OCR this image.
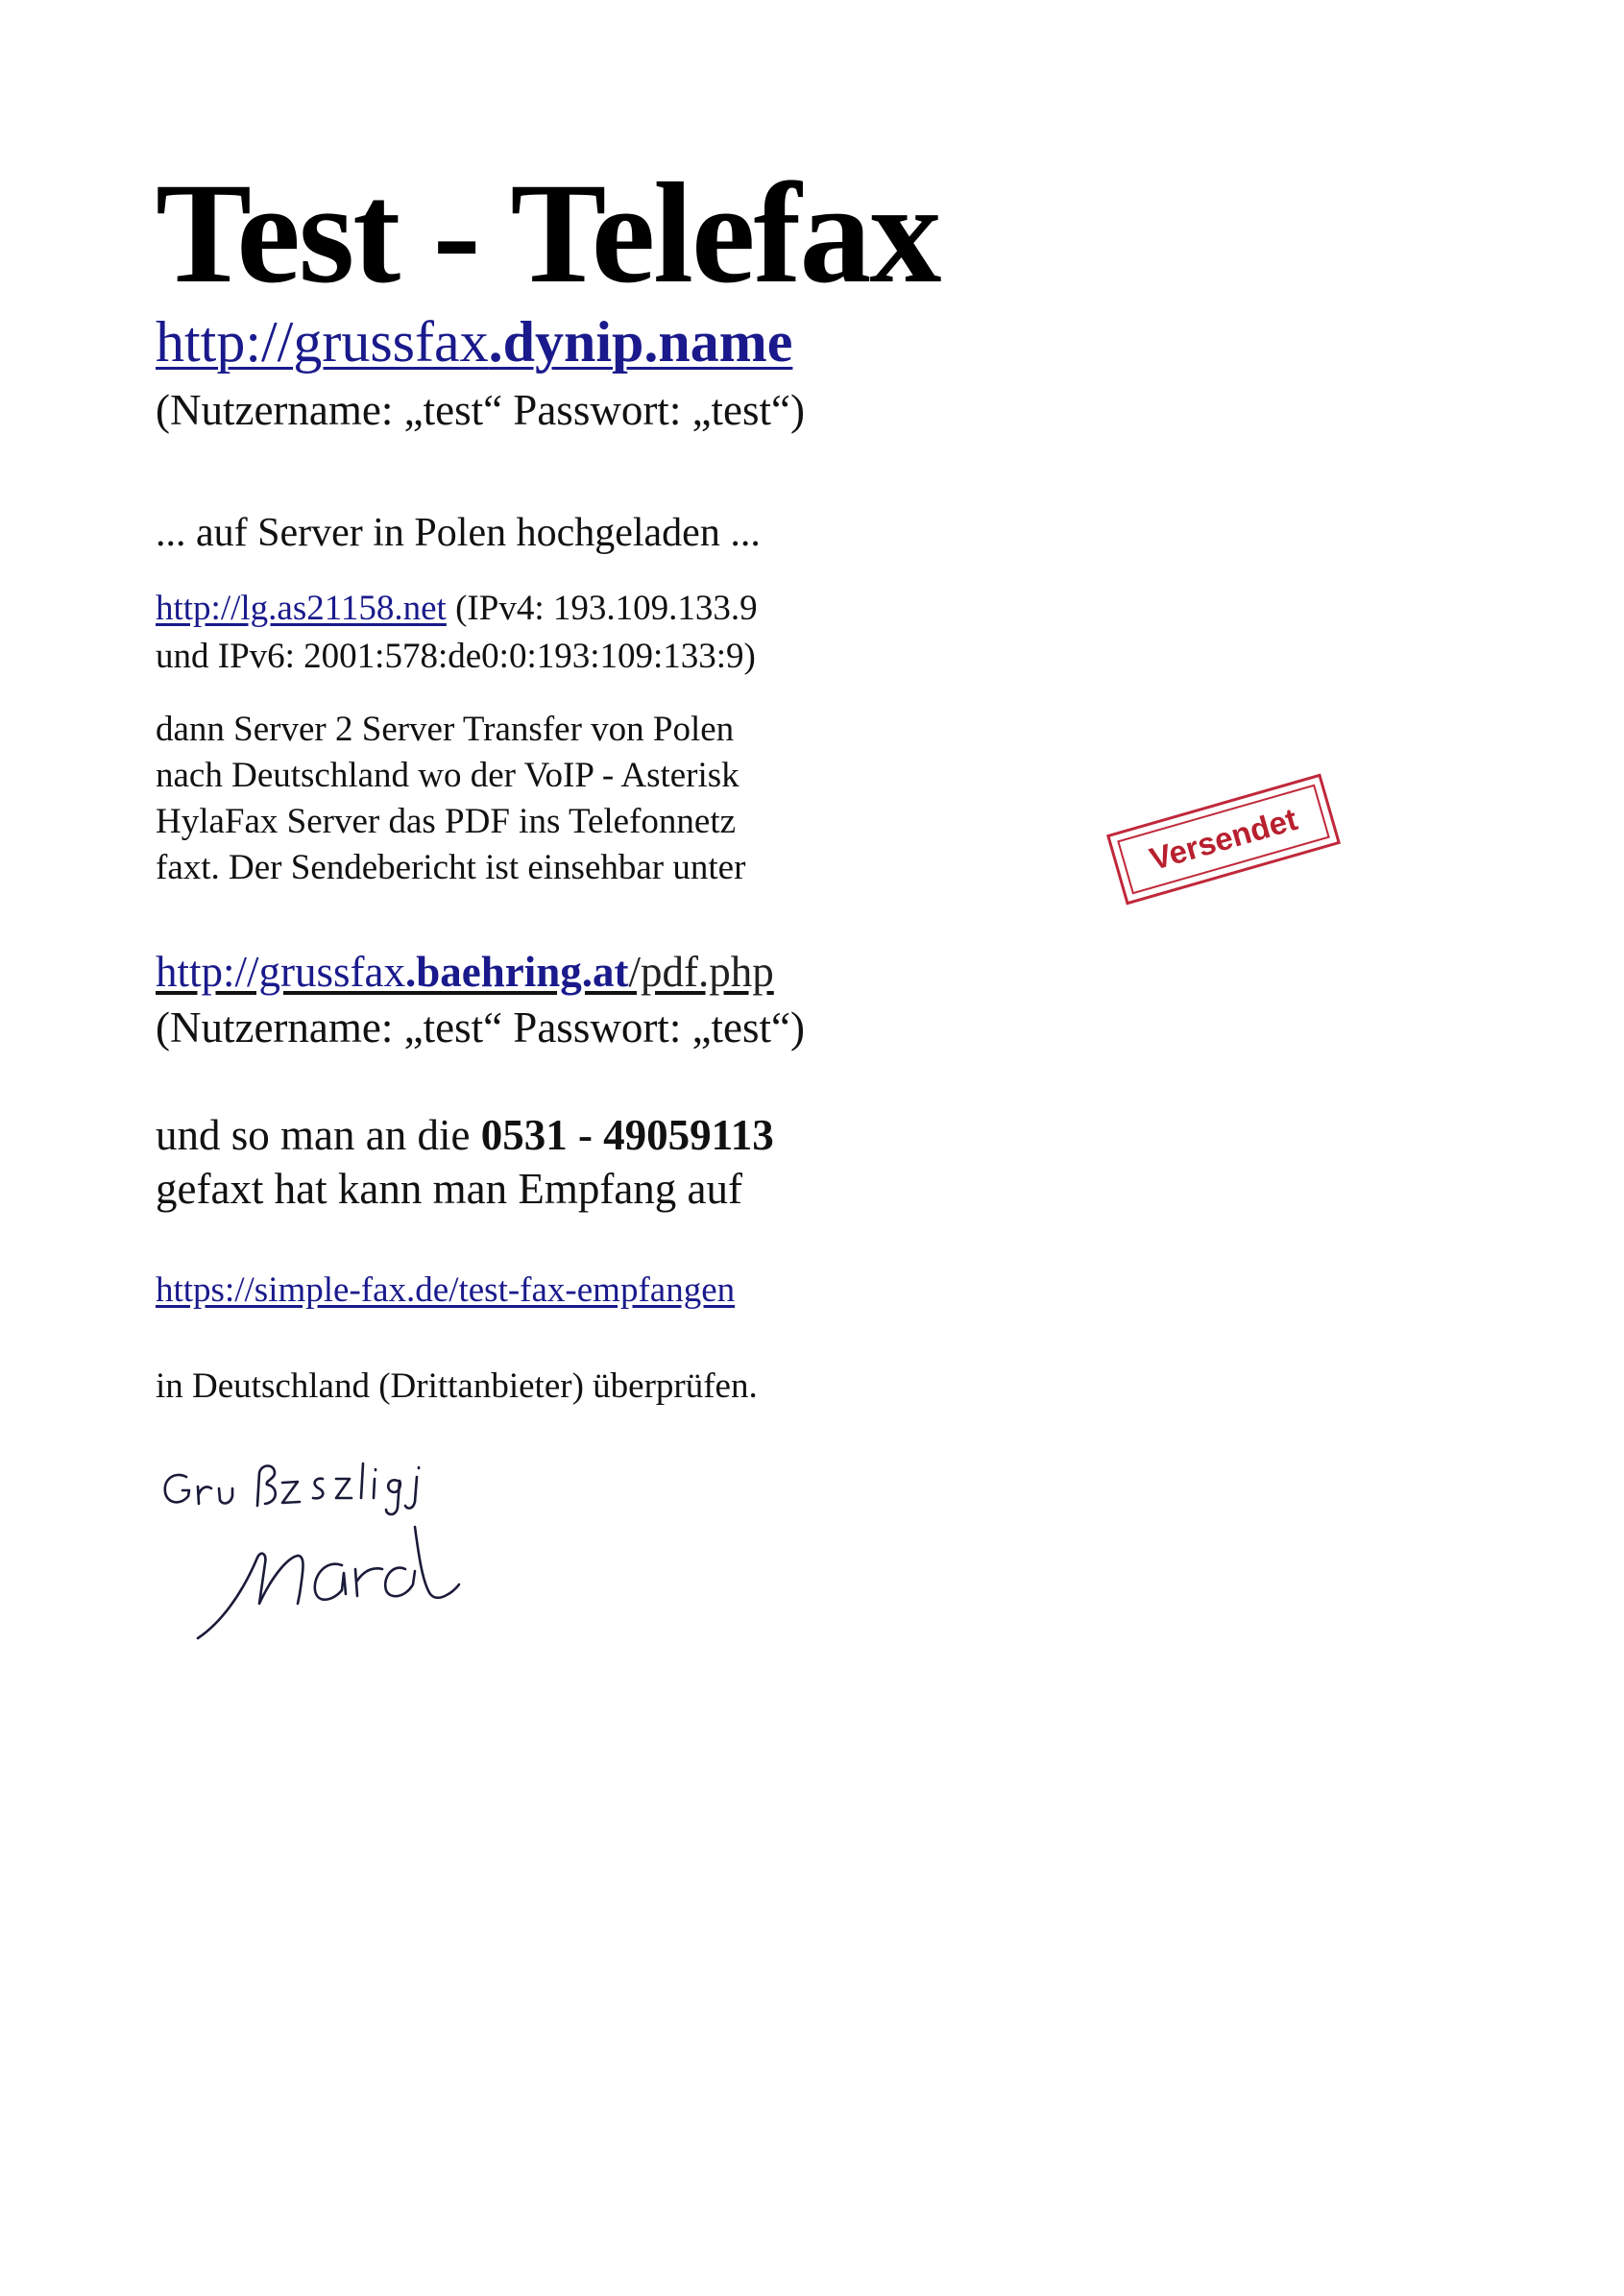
Test - Telefax
http://grussfax.dynip.name
(Nutzername: „test“ Passwort: „test“)
... auf Server in Polen hochgeladen ...
http://lg.as21158.net (IPv4: 193.109.133.9
und IPv6: 2001:578:de0:0:193:109:133:9)
dann Server 2 Server Transfer von Polen
nach Deutschland wo der VoIP - Asterisk
HylaFax Server das PDF ins Telefonnetz
faxt. Der Sendebericht ist einsehbar unter
http://grussfax.baehring.at/pdf.php
(Nutzername: „test“ Passwort: „test“)
und so man an die 0531 - 49059113
gefaxt hat kann man Empfang auf
https://simple-fax.de/test-fax-empfangen
in Deutschland (Drittanbieter) überprüfen.
Versendet
